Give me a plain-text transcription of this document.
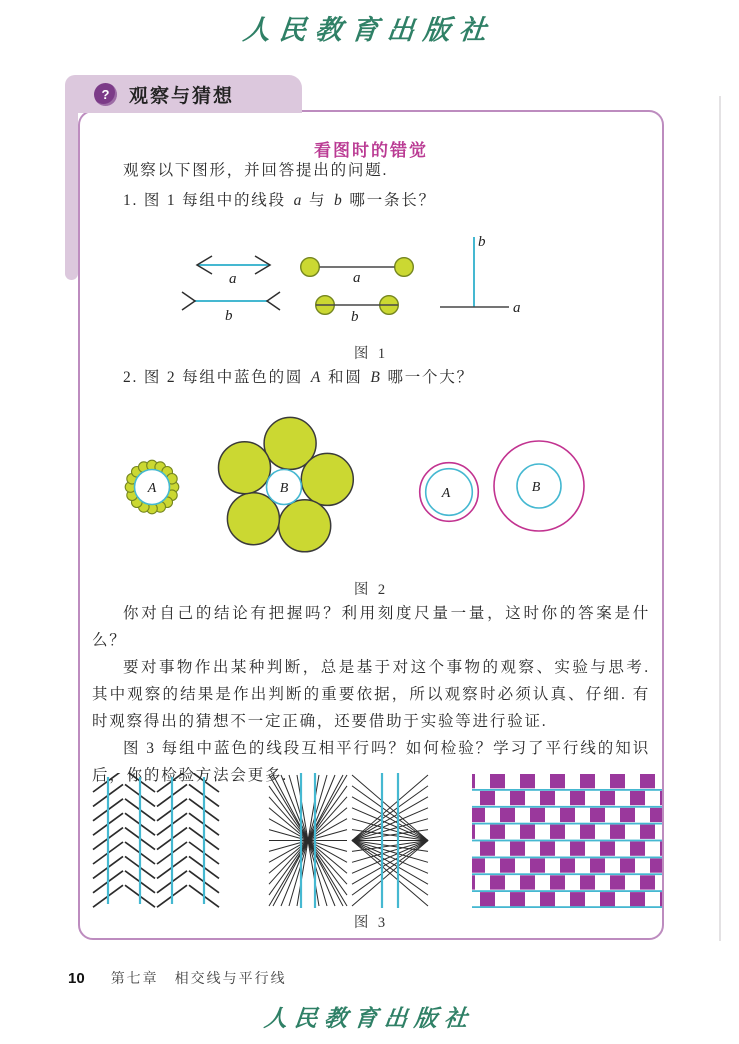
人民教育出版社
?	观察与猜想
看图时的错觉
观察以下图形，并回答提出的问题.
1. 图 1 每组中的线段 a 与 b 哪一条长？
a
b
a
b
b
a
图 1
2. 图 2 每组中蓝色的圆 A 和圆 B 哪一个大？
A	B	A	B
图 2

你对自己的结论有把握吗？利用刻度尺量一量，这时你的答案是什么？

要对事物作出某种判断，总是基于对这个事物的观察、实验与思考. 其中观察的结果是作出判断的重要依据，所以观察时必须认真、仔细. 有时观察得出的猜想不一定正确，还要借助于实验等进行验证.

图 3 每组中蓝色的线段互相平行吗？如何检验？学习了平行线的知识后，你的检验方法会更多.

图 3
10 第七章　相交线与平行线
人民教育出版社
